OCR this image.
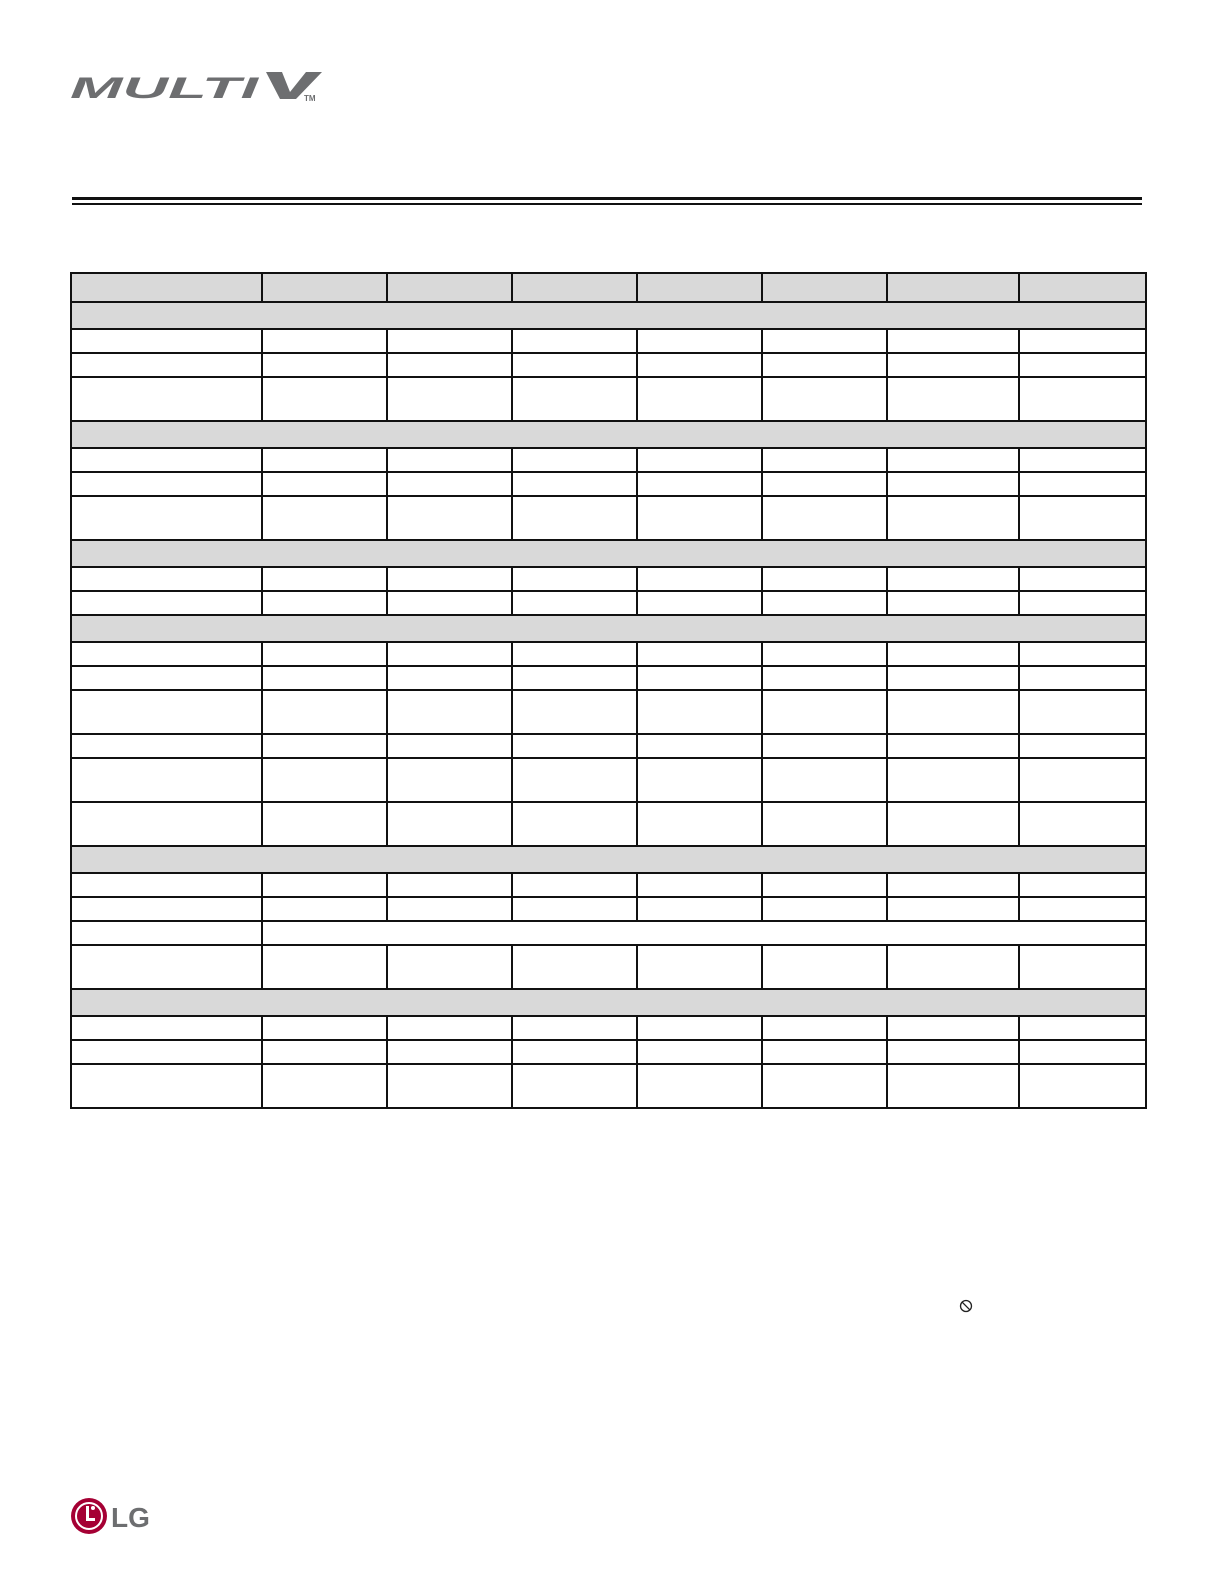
MULTI	TM

LG
